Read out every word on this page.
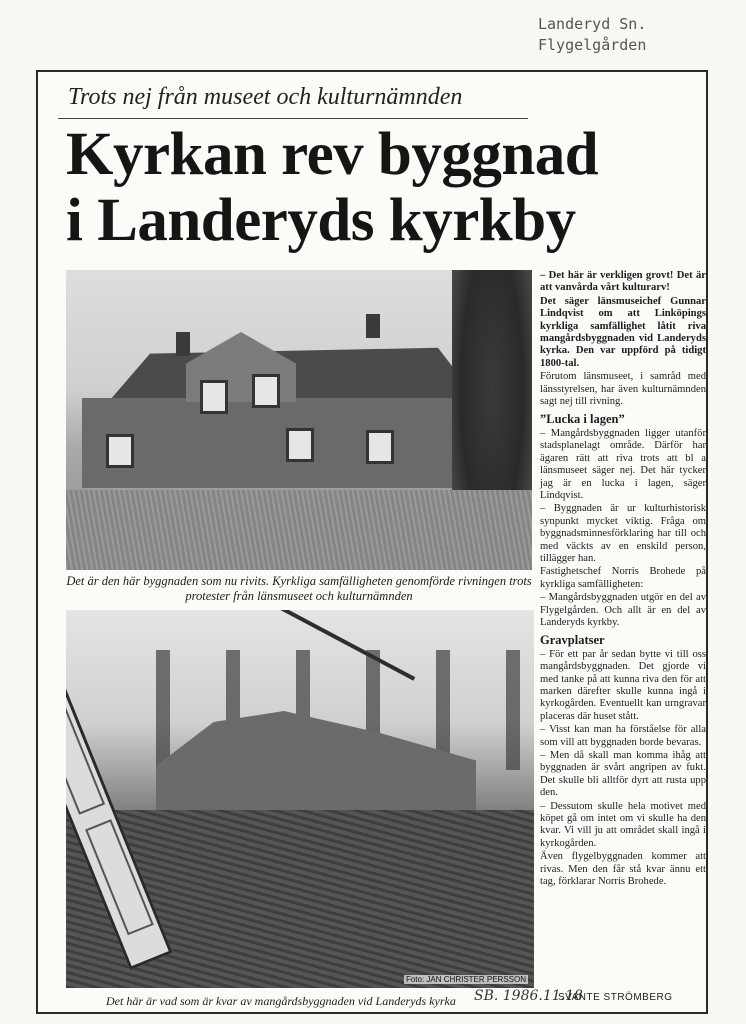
Landeryd Sn.
Flygelgården
Trots nej från museet och kulturnämnden
Kyrkan rev byggnad
i Landeryds kyrkby
Det är den här byggnaden som nu rivits. Kyrkliga samfälligheten genomförde rivningen trots protester från länsmuseet och kulturnämnden
Foto: JAN CHRISTER PERSSON
Det här är vad som är kvar av mangårdsbyggnaden vid Landeryds kyrka	SB. 1986.11.18
SVANTE STRÖMBERG

– Det här är verkligen grovt! Det är att vanvårda vårt kulturarv!

Det säger länsmuseichef Gunnar Lindqvist om att Linköpings kyrkliga samfällighet låtit riva mangårdsbyggnaden vid Landeryds kyrka. Den var uppförd på tidigt 1800-tal.

Förutom länsmuseet, i samråd med länsstyrelsen, har även kulturnämnden sagt nej till rivning.

”Lucka i lagen”

– Mangårdsbyggnaden ligger utanför stadsplanelagt område. Därför har ägaren rätt att riva trots att bl a länsmuseet säger nej. Det här tycker jag är en lucka i lagen, säger Lindqvist.

– Byggnaden är ur kulturhistorisk synpunkt mycket viktig. Fråga om byggnadsminnesförklaring har till och med väckts av en enskild person, tillägger han.

Fastighetschef Norris Brohede på kyrkliga samfälligheten:

– Mangårdsbyggnaden utgör en del av Flygelgården. Och allt är en del av Landeryds kyrkby.

Gravplatser

– För ett par år sedan bytte vi till oss mangårdsbyggnaden. Det gjorde vi med tanke på att kunna riva den för att marken därefter skulle kunna ingå i kyrkogården. Eventuellt kan urngravar placeras där huset stått.

– Visst kan man ha förståelse för alla som vill att byggnaden borde bevaras.

– Men då skall man komma ihåg att byggnaden är svårt angripen av fukt. Det skulle bli alltför dyrt att rusta upp den.

– Dessutom skulle hela motivet med köpet gå om intet om vi skulle ha den kvar. Vi vill ju att området skall ingå i kyrkogården.

Även flygelbyggnaden kommer att rivas. Men den får stå kvar ännu ett tag, förklarar Norris Brohede.
